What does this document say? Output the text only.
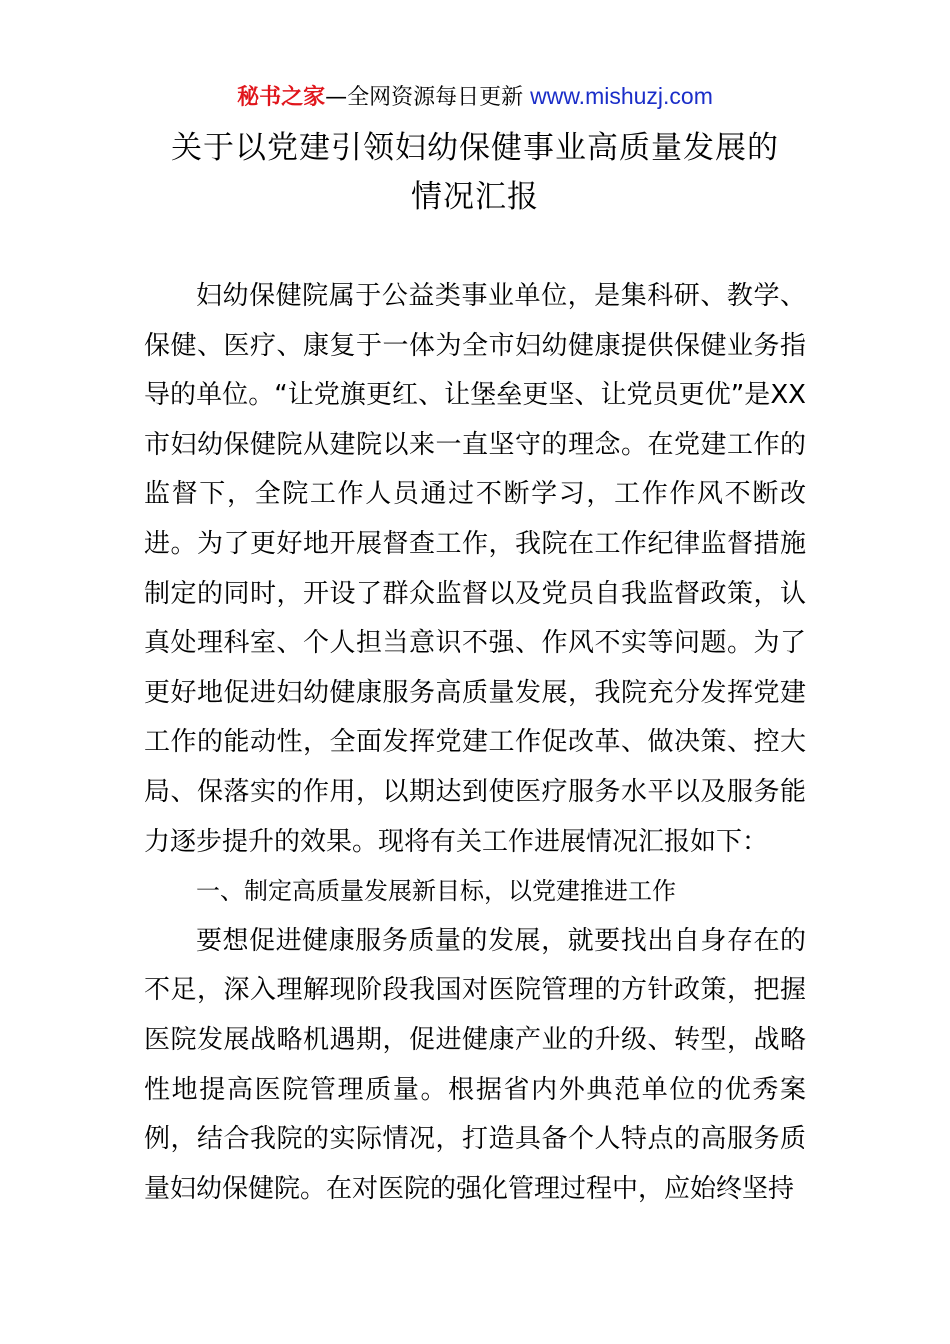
秘书之家—全网资源每日更新 www.mishuzj.com
关于以党建引领妇幼保健事业高质量发展的
情况汇报

妇幼保健院属于公益类事业单位，是集科研、教学、保健、医疗、康复于一体为全市妇幼健康提供保健业务指导的单位。“让党旗更红、让堡垒更坚、让党员更优”是XX市妇幼保健院从建院以来一直坚守的理念。在党建工作的监督下，全院工作人员通过不断学习，工作作风不断改进。为了更好地开展督查工作，我院在工作纪律监督措施制定的同时，开设了群众监督以及党员自我监督政策，认真处理科室、个人担当意识不强、作风不实等问题。为了更好地促进妇幼健康服务高质量发展，我院充分发挥党建工作的能动性，全面发挥党建工作促改革、做决策、控大局、保落实的作用，以期达到使医疗服务水平以及服务能力逐步提升的效果。现将有关工作进展情况汇报如下：

一、制定高质量发展新目标，以党建推进工作

要想促进健康服务质量的发展，就要找出自身存在的不足，深入理解现阶段我国对医院管理的方针政策，把握医院发展战略机遇期，促进健康产业的升级、转型，战略性地提高医院管理质量。根据省内外典范单位的优秀案例，结合我院的实际情况，打造具备个人特点的高服务质量妇幼保健院。在对医院的强化管理过程中，应始终坚持
